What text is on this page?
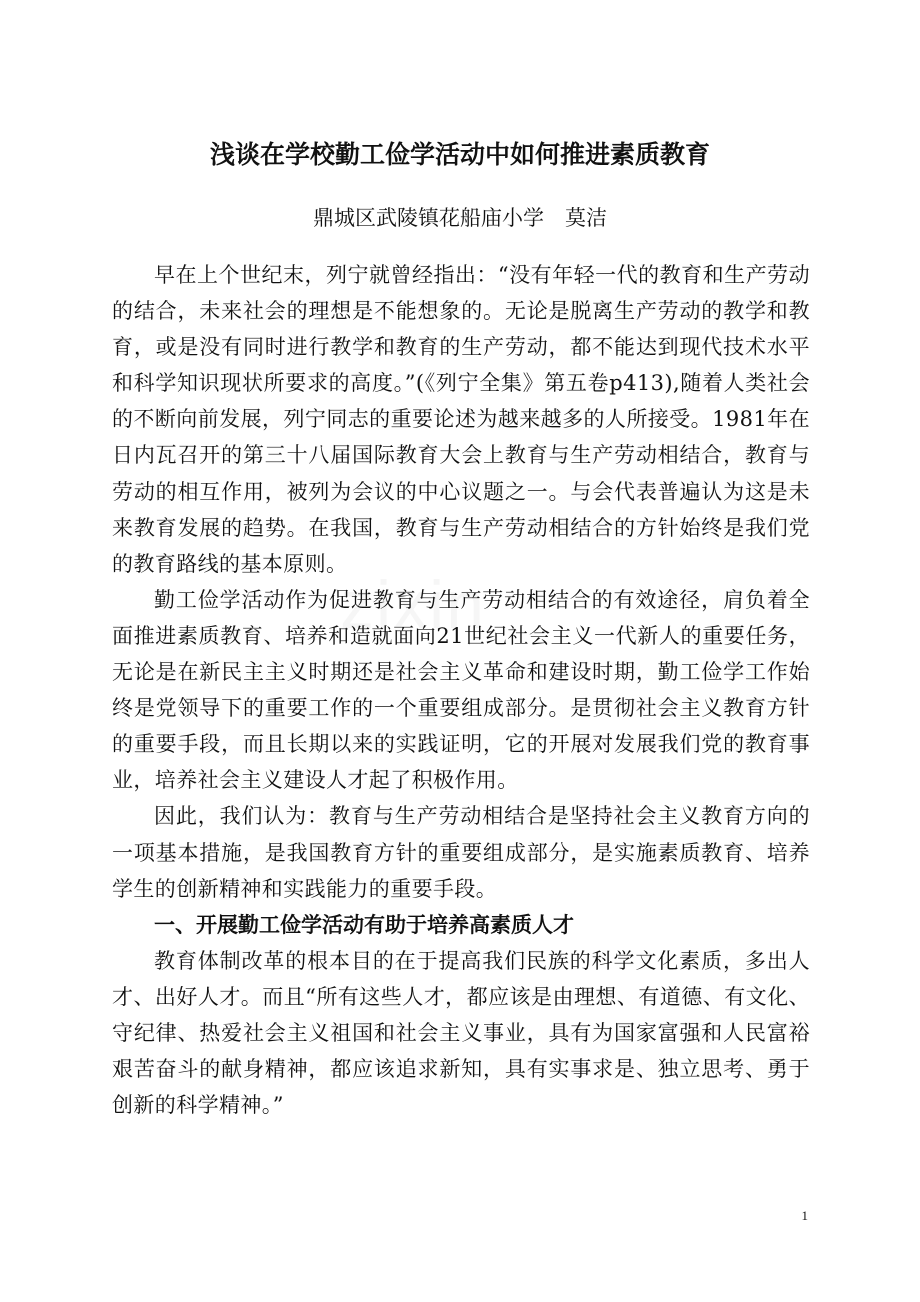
浅谈在学校勤工俭学活动中如何推进素质教育

鼎城区武陵镇花船庙小学　莫洁

早在上个世纪末，列宁就曾经指出：“没有年轻一代的教育和生产劳动的结合，未来社会的理想是不能想象的。无论是脱离生产劳动的教学和教育，或是没有同时进行教学和教育的生产劳动，都不能达到现代技术水平和科学知识现状所要求的高度。”(《列宁全集》第五卷p413),随着人类社会的不断向前发展，列宁同志的重要论述为越来越多的人所接受。1981年在日内瓦召开的第三十八届国际教育大会上教育与生产劳动相结合，教育与劳动的相互作用，被列为会议的中心议题之一。与会代表普遍认为这是未来教育发展的趋势。在我国，教育与生产劳动相结合的方针始终是我们党的教育路线的基本原则。

勤工俭学活动作为促进教育与生产劳动相结合的有效途径，肩负着全面推进素质教育、培养和造就面向21世纪社会主义一代新人的重要任务，无论是在新民主主义时期还是社会主义革命和建设时期，勤工俭学工作始终是党领导下的重要工作的一个重要组成部分。是贯彻社会主义教育方针的重要手段，而且长期以来的实践证明，它的开展对发展我们党的教育事业，培养社会主义建设人才起了积极作用。

因此，我们认为：教育与生产劳动相结合是坚持社会主义教育方向的一项基本措施，是我国教育方针的重要组成部分，是实施素质教育、培养学生的创新精神和实践能力的重要手段。

一、开展勤工俭学活动有助于培养高素质人才

教育体制改革的根本目的在于提高我们民族的科学文化素质，多出人才、出好人才。而且“所有这些人才，都应该是由理想、有道德、有文化、守纪律、热爱社会主义祖国和社会主义事业，具有为国家富强和人民富裕艰苦奋斗的献身精神，都应该追求新知，具有实事求是、独立思考、勇于创新的科学精神。”

1
